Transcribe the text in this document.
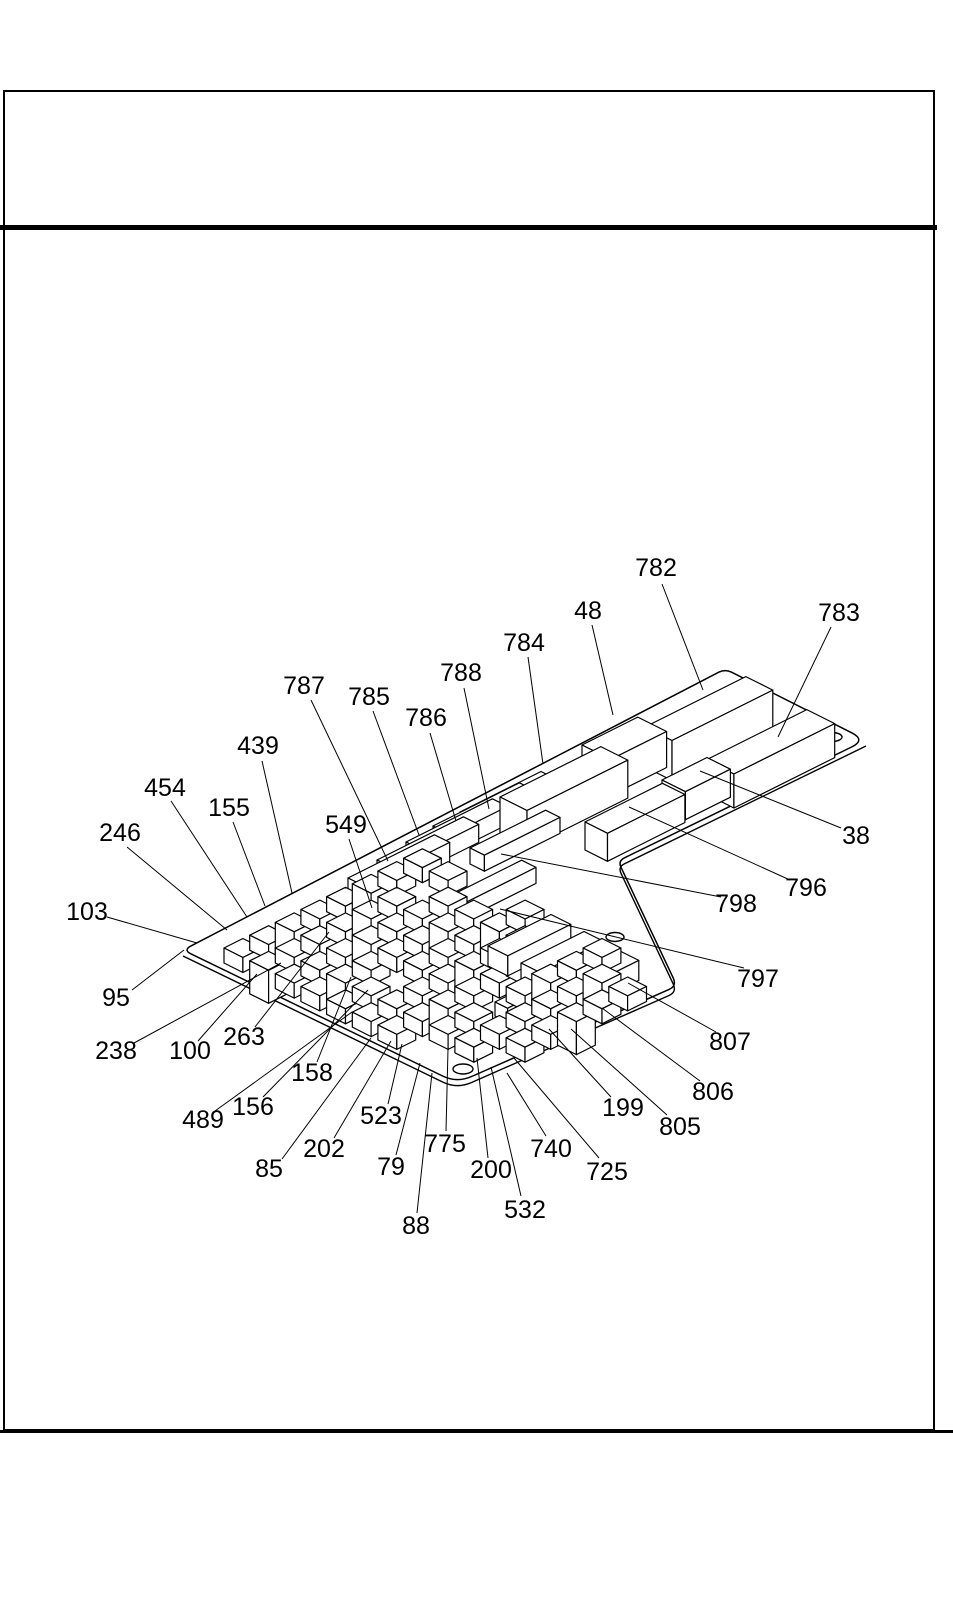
782
48	783
784
788
787 785
786
439
454
155
549
246	38
796
798
103
797
95
263	807
238 100
158
199
806
156	523
489	805
775
202	740
85	79	200	725
532
88
